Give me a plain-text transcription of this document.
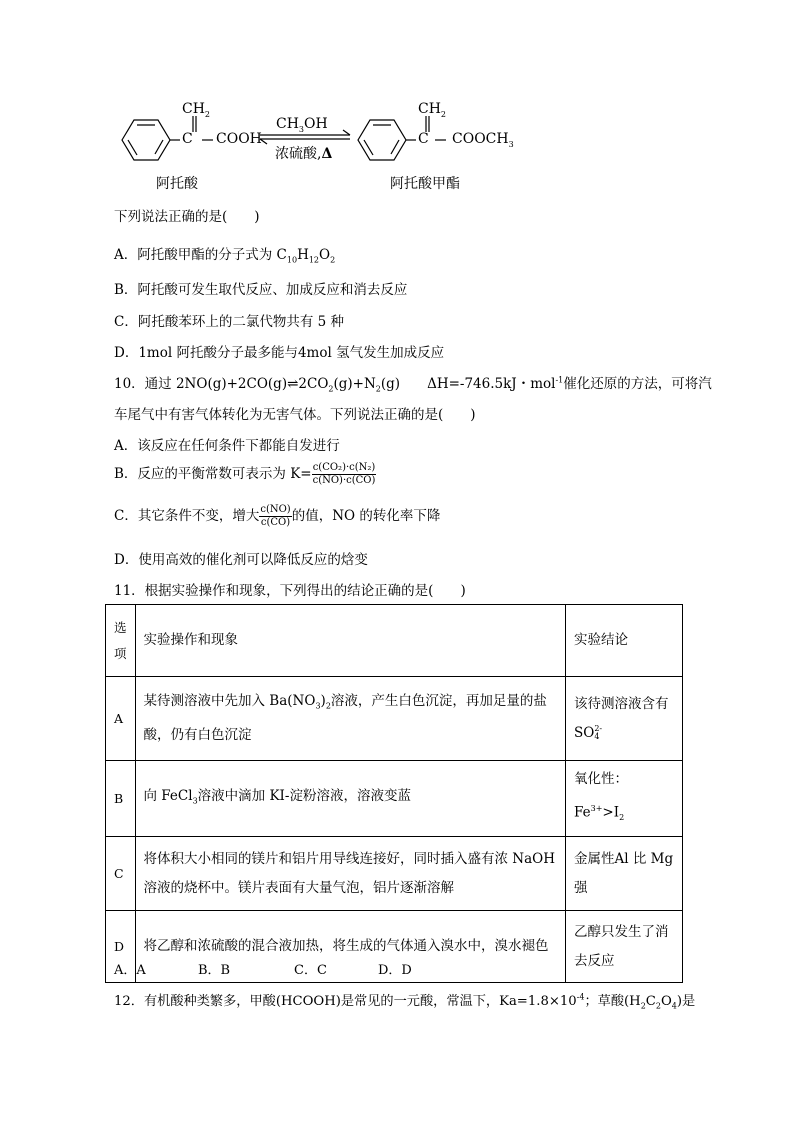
$CH_2$
C COOH
$CH_3OH$
浓硫酸,Δ
$CH_2$
C $COOCH_3$
阿托酸	阿托酸甲酯
下列说法正确的是(　　)
A．阿托酸甲酯的分子式为 $C_{10}H_{12}O_2$
B．阿托酸可发生取代反应、加成反应和消去反应
C．阿托酸苯环上的二氯代物共有 5 种
D．1mol 阿托酸分子最多能与4mol 氢气发生加成反应
10．通过 $2NO(g)+2CO(g)\rightleftharpoons 2CO_2(g)+N_2(g)$　　ΔH=-746.5kJ・mol$^{-1}$催化还原的方法，可将汽
车尾气中有害气体转化为无害气体。下列说法正确的是(　　)
A．该反应在任何条件下都能自发进行
B．反应的平衡常数可表示为 $K= \frac{\text{c(CO₂)·c(N₂)}}{c(NO)\cdot c(CO)}$
C．其它条件不变，增大 $\frac{c(NO)}{c(CO)}$ 的值，NO 的转化率下降
D．使用高效的催化剂可以降低反应的焓变
11．根据实验操作和现象，下列得出的结论正确的是(　　)
选项	实验操作和现象	实验结论
A	某待测溶液中先加入 $Ba(NO_3)_2$溶液，产生白色沉淀，再加足量的盐酸，仍有白色沉淀	该待测溶液含有
SO2-
4
B	向 FeCl$_3$溶液中滴加 KI-淀粉溶液，溶液变蓝	氧化性：$Fe^{3+}>I_2$
C	将体积大小相同的镁片和铝片用导线连接好，同时插入盛有浓 NaOH 溶液的烧杯中。镁片表面有大量气泡，铝片逐渐溶解	金属性Al 比 Mg强
D	将乙醇和浓硫酸的混合液加热，将生成的气体通入溴水中，溴水褪色	乙醇只发生了消去反应
A．A	B．B	C．C	D．D
12．有机酸种类繁多，甲酸(HCOOH)是常见的一元酸，常温下，$Ka=1.8\times 10^{-4}$；草酸$(H_2C_2O_4)$是
